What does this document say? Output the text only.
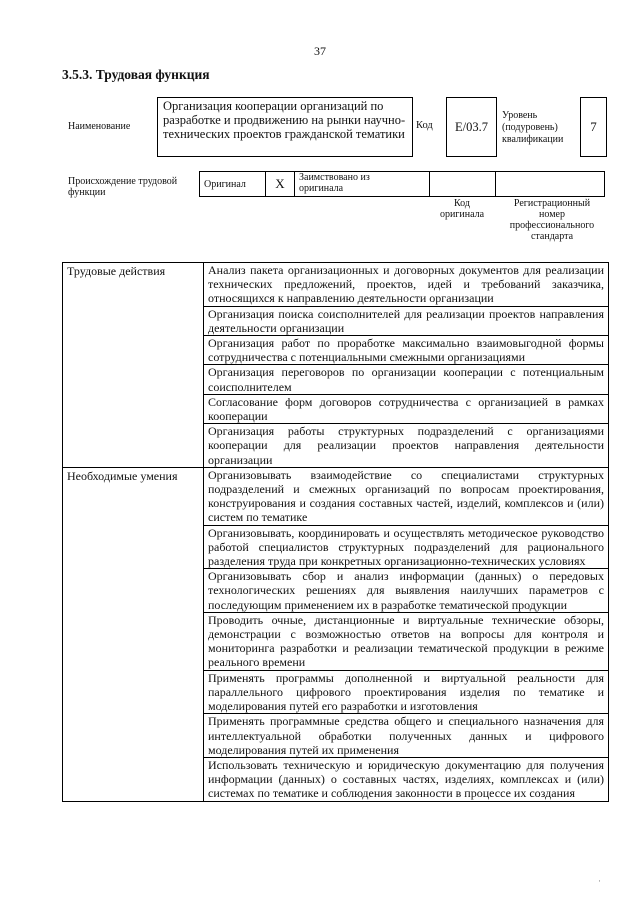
37
3.5.3. Трудовая функция
Наименование
Организация кооперации организаций по разработке и продвижению на рынки научно-технических проектов гражданской тематики
Код E/03.7
Уровень
(подуровень)
квалификации
7
Происхождение трудовой
функции
Оригинал	X	Заимствовано из
оригинала

Код
оригинала
Регистрационный
номер
профессионального
стандарта
Трудовые действия	Анализ пакета организационных и договорных документов для реализации технических предложений, проектов, идей и требований заказчика, относящихся к направлению деятельности организации
	Организация поиска соисполнителей для реализации проектов направления деятельности организации
	Организация работ по проработке максимально взаимовыгодной формы сотрудничества с потенциальными смежными организациями
	Организация переговоров по организации кооперации с потенциальным соисполнителем
	Согласование форм договоров сотрудничества с организацией в рамках кооперации
	Организация работы структурных подразделений с организациями кооперации для реализации проектов направления деятельности организации
Необходимые умения	Организовывать взаимодействие со специалистами структурных подразделений и смежных организаций по вопросам проектирования, конструирования и создания составных частей, изделий, комплексов и (или) систем по тематике
	Организовывать, координировать и осуществлять методическое руководство работой специалистов структурных подразделений для рационального разделения труда при конкретных организационно-технических условиях
	Организовывать сбор и анализ информации (данных) о передовых технологических решениях для выявления наилучших параметров с последующим применением их в разработке тематической продукции
	Проводить очные, дистанционные и виртуальные технические обзоры, демонстрации с возможностью ответов на вопросы для контроля и мониторинга разработки и реализации тематической продукции в режиме реального времени
	Применять программы дополненной и виртуальной реальности для параллельного цифрового проектирования изделия по тематике и моделирования путей его разработки и изготовления
	Применять программные средства общего и специального назначения для интеллектуальной обработки полученных данных и цифрового моделирования путей их применения
	Использовать техническую и юридическую документацию для получения информации (данных) о составных частях, изделиях, комплексах и (или) системах по тематике и соблюдения законности в процессе их создания
·
